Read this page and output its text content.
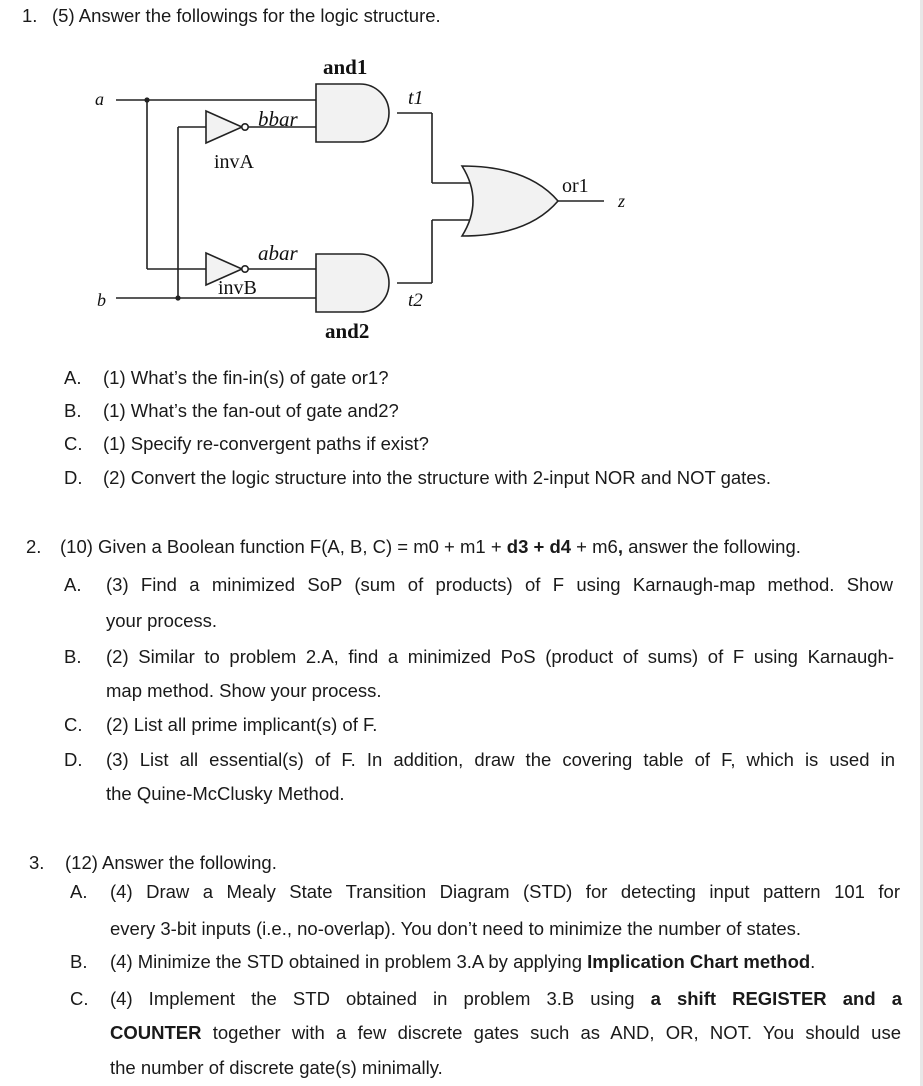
1. (5) Answer the followings for the logic structure.
a
b
and1
and2
bbar
abar
invA
invB
t1
t2
or1
z
A. (1) What’s the fin-in(s) of gate or1?
B. (1) What’s the fan-out of gate and2?
C. (1) Specify re-convergent paths if exist?
D. (2) Convert the logic structure into the structure with 2-input NOR and NOT gates.
2. (10) Given a Boolean function F(A, B, C) = m0 + m1 + d3 + d4 + m6, answer the following.
A. (3) Find a minimized SoP (sum of products) of F using Karnaugh-map method. Show
your process.
B. (2) Similar to problem 2.A, find a minimized PoS (product of sums) of F using Karnaugh-
map method. Show your process.
C. (2) List all prime implicant(s) of F.
D. (3) List all essential(s) of F. In addition, draw the covering table of F, which is used in
the Quine-McClusky Method.
3. (12) Answer the following.
A. (4) Draw a Mealy State Transition Diagram (STD) for detecting input pattern 101 for
every 3-bit inputs (i.e., no-overlap). You don’t need to minimize the number of states.
B. (4) Minimize the STD obtained in problem 3.A by applying Implication Chart method.
C. (4) Implement the STD obtained in problem 3.B using a shift REGISTER and a
COUNTER together with a few discrete gates such as AND, OR, NOT. You should use
the number of discrete gate(s) minimally.
